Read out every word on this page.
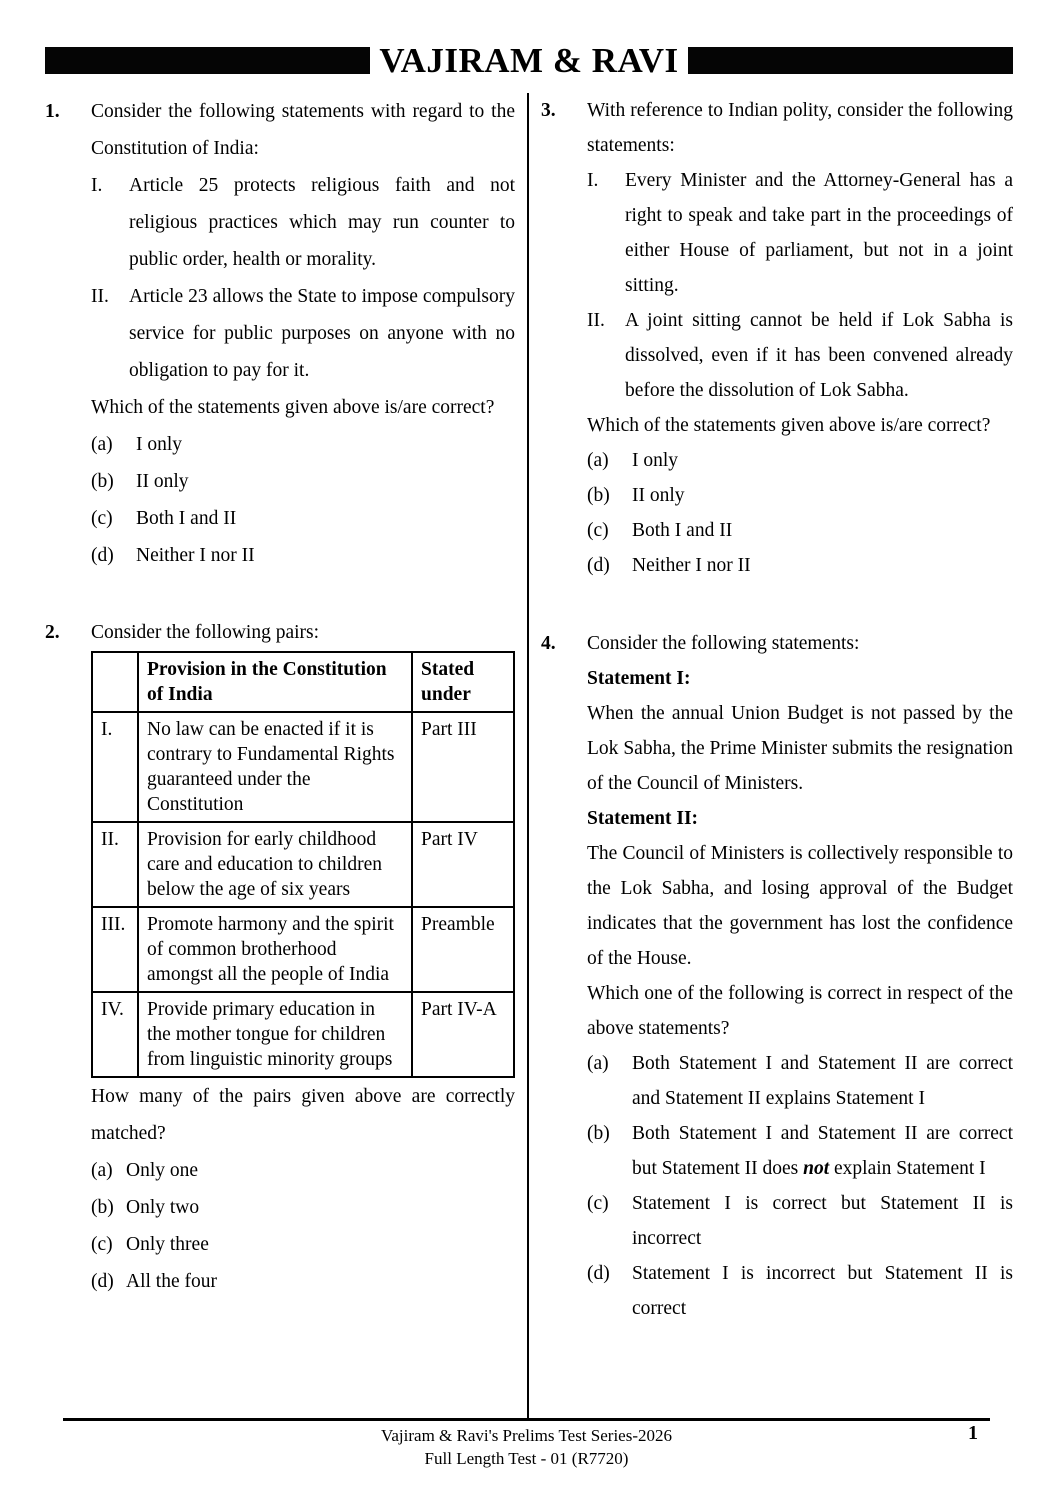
VAJIRAM & RAVI
1.	Consider the following statements with regard to the Constitution of India:

I.	Article 25 protects religious faith and not religious practices which may run counter to public order, health or morality.
II.	Article 23 allows the State to impose compulsory service for public purposes on anyone with no obligation to pay for it.

Which of the statements given above is/are correct?

(a)	I only
(b)	II only
(c)	Both I and II
(d)	Neither I nor II
2.	Consider the following pairs:

	Provision in the Constitution of India	Stated under
I.	No law can be enacted if it is contrary to Fundamental Rights guaranteed under the Constitution	Part III
II.	Provision for early childhood care and education to children below the age of six years	Part IV
III.	Promote harmony and the spirit of common brotherhood amongst all the people of India	Preamble
IV.	Provide primary education in the mother tongue for children from linguistic minority groups	Part IV-A

How many of the pairs given above are correctly matched?

(a) Only one
(b) Only two
(c) Only three
(d) All the four
3.	With reference to Indian polity, consider the following statements:

I.	Every Minister and the Attorney-General has a right to speak and take part in the proceedings of either House of parliament, but not in a joint sitting.
II.	A joint sitting cannot be held if Lok Sabha is dissolved, even if it has been convened already before the dissolution of Lok Sabha.

Which of the statements given above is/are correct?

(a)	I only
(b)	II only
(c)	Both I and II
(d)	Neither I nor II
4.	Consider the following statements:

Statement I:

When the annual Union Budget is not passed by the Lok Sabha, the Prime Minister submits the resignation of the Council of Ministers.

Statement II:

The Council of Ministers is collectively responsible to the Lok Sabha, and losing approval of the Budget indicates that the government has lost the confidence of the House.

Which one of the following is correct in respect of the above statements?

(a)	Both Statement I and Statement II are correct and Statement II explains Statement I
(b)	Both Statement I and Statement II are correct but Statement II does not explain Statement I
(c)	Statement I is correct but Statement II is incorrect
(d)	Statement I is incorrect but Statement II is correct

Vajiram & Ravi's Prelims Test Series-2026

Full Length Test - 01 (R7720)

1
